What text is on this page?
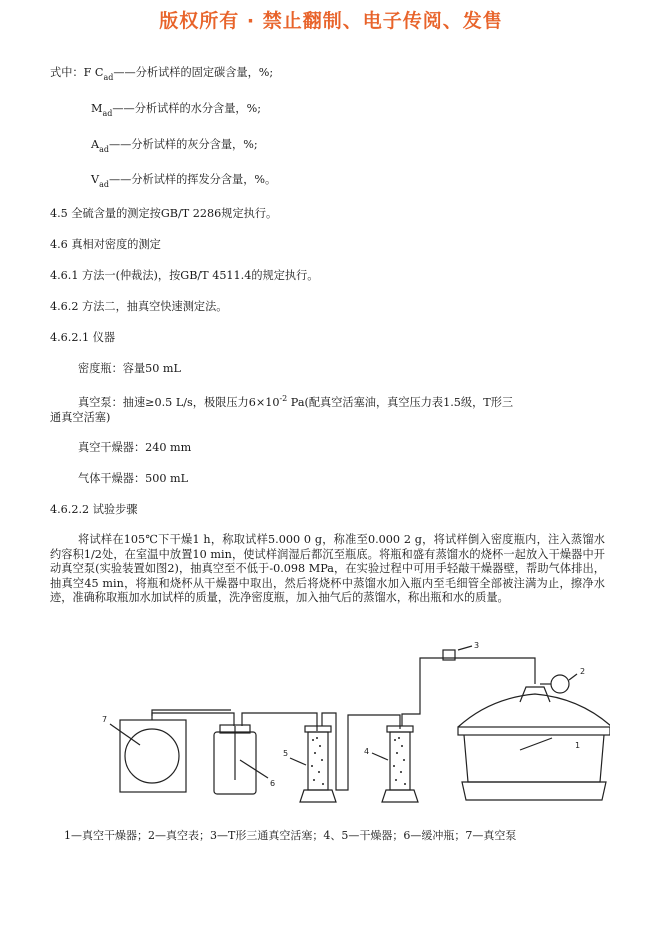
版权所有 · 禁止翻制、电子传阅、发售
式中：F $C_{ad}——$分析试样的固定碳含量，%;
$M_{ad}——$分析试样的水分含量，%;
$A_{ad}——$分析试样的灰分含量，%;
$V_{ad}——$分析试样的挥发分含量，%。
4.5 全硫含量的测定按GB/T 2286规定执行。
4.6 真相对密度的测定
4.6.1 方法一(仲裁法)，按GB/T 4511.4的规定执行。
4.6.2 方法二，抽真空快速测定法。
4.6.2.1 仪器
密度瓶：容量50 mL
真空泵：抽速≥0.5 L/s，极限压力$6\times 10^{-2}$ Pa(配真空活塞油，真空压力表1.5级，T形三
通真空活塞)
真空干燥器：240 mm
气体干燥器：500 mL
4.6.2.2 试验步骤
将试样在105℃下干燥1 h，称取试样5.000 0 g，称准至0.000 2 g，将试样倒入密度瓶内，注入蒸馏水约容积1/2处，在室温中放置10 min，使试样润湿后都沉至瓶底。将瓶和盛有蒸馏水的烧杯一起放入干燥器中开动真空泵(实验装置如图2)，抽真空至不低于-0.098 MPa，在实验过程中可用手轻敲干燥器壁，帮助气体排出，抽真空45 min，将瓶和烧杯从干燥器中取出，然后将烧杯中蒸馏水加入瓶内至毛细管全部被注满为止，擦净水迹，准确称取瓶加水加试样的质量，洗净密度瓶，加入抽气后的蒸馏水，称出瓶和水的质量。
1
2
3
4
5
6
7
1—真空干燥器；2—真空表；3—T形三通真空活塞；4、5—干燥器；6—缓冲瓶；7—真空泵
